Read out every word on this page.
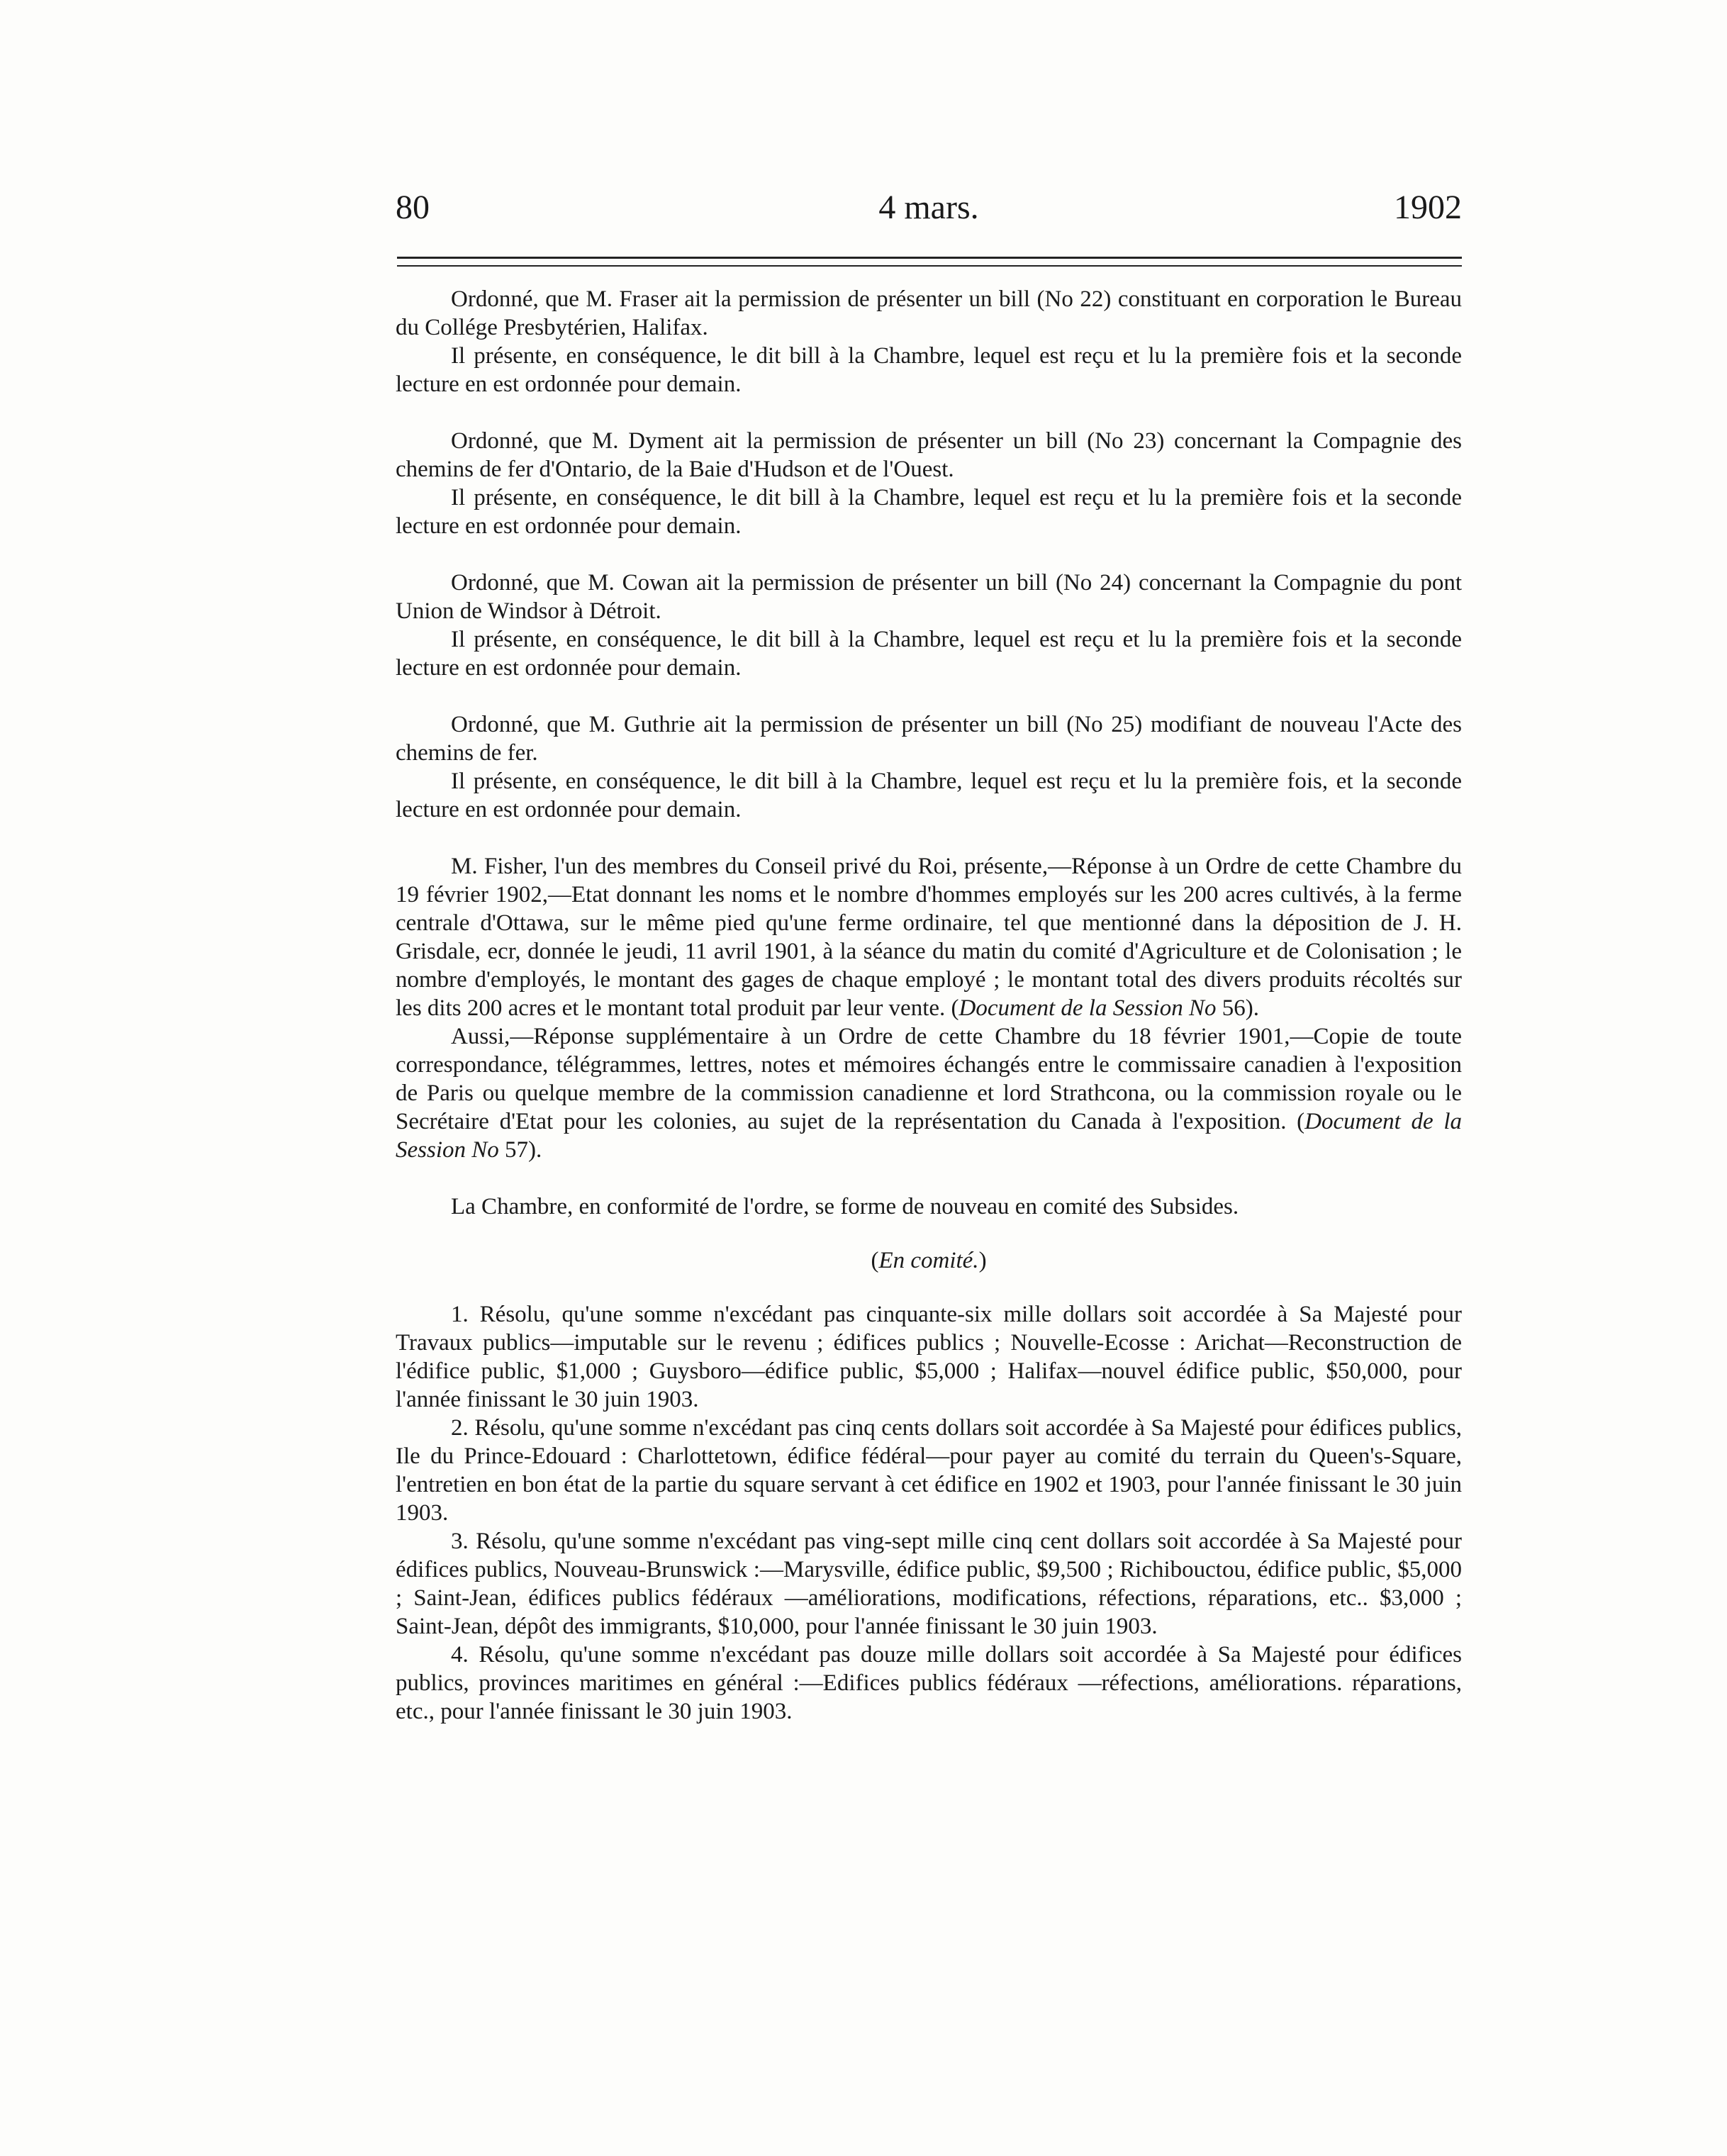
80	4 mars.	1902

Ordonné, que M. Fraser ait la permission de présenter un bill (No 22) constituant en corporation le Bureau du Collége Presbytérien, Halifax.

Il présente, en conséquence, le dit bill à la Chambre, lequel est reçu et lu la première fois et la seconde lecture en est ordonnée pour demain.

Ordonné, que M. Dyment ait la permission de présenter un bill (No 23) concernant la Compagnie des chemins de fer d'Ontario, de la Baie d'Hudson et de l'Ouest.

Il présente, en conséquence, le dit bill à la Chambre, lequel est reçu et lu la première fois et la seconde lecture en est ordonnée pour demain.

Ordonné, que M. Cowan ait la permission de présenter un bill (No 24) concernant la Compagnie du pont Union de Windsor à Détroit.

Il présente, en conséquence, le dit bill à la Chambre, lequel est reçu et lu la première fois et la seconde lecture en est ordonnée pour demain.

Ordonné, que M. Guthrie ait la permission de présenter un bill (No 25) modifiant de nouveau l'Acte des chemins de fer.

Il présente, en conséquence, le dit bill à la Chambre, lequel est reçu et lu la première fois, et la seconde lecture en est ordonnée pour demain.

M. Fisher, l'un des membres du Conseil privé du Roi, présente,—Réponse à un Ordre de cette Chambre du 19 février 1902,—Etat donnant les noms et le nombre d'hommes employés sur les 200 acres cultivés, à la ferme centrale d'Ottawa, sur le même pied qu'une ferme ordinaire, tel que mentionné dans la déposition de J. H. Grisdale, ecr, donnée le jeudi, 11 avril 1901, à la séance du matin du comité d'Agriculture et de Colonisation ; le nombre d'employés, le montant des gages de chaque employé ; le montant total des divers produits récoltés sur les dits 200 acres et le montant total produit par leur vente. (Document de la Session No 56).

Aussi,—Réponse supplémentaire à un Ordre de cette Chambre du 18 février 1901,—Copie de toute correspondance, télégrammes, lettres, notes et mémoires échangés entre le commissaire canadien à l'exposition de Paris ou quelque membre de la commission canadienne et lord Strathcona, ou la commission royale ou le Secrétaire d'Etat pour les colonies, au sujet de la représentation du Canada à l'exposition. (Document de la Session No 57).

La Chambre, en conformité de l'ordre, se forme de nouveau en comité des Subsides.

(En comité.)

1. Résolu, qu'une somme n'excédant pas cinquante-six mille dollars soit accordée à Sa Majesté pour Travaux publics—imputable sur le revenu ; édifices publics ; Nouvelle-Ecosse : Arichat—Reconstruction de l'édifice public, $1,000 ; Guysboro—édifice public, $5,000 ; Halifax—nouvel édifice public, $50,000, pour l'année finissant le 30 juin 1903.

2. Résolu, qu'une somme n'excédant pas cinq cents dollars soit accordée à Sa Majesté pour édifices publics, Ile du Prince-Edouard : Charlottetown, édifice fédéral—pour payer au comité du terrain du Queen's-Square, l'entretien en bon état de la partie du square servant à cet édifice en 1902 et 1903, pour l'année finissant le 30 juin 1903.

3. Résolu, qu'une somme n'excédant pas ving-sept mille cinq cent dollars soit accordée à Sa Majesté pour édifices publics, Nouveau-Brunswick :—Marysville, édifice public, $9,500 ; Richibouctou, édifice public, $5,000 ; Saint-Jean, édifices publics fédéraux —améliorations, modifications, réfections, réparations, etc.. $3,000 ; Saint-Jean, dépôt des immigrants, $10,000, pour l'année finissant le 30 juin 1903.

4. Résolu, qu'une somme n'excédant pas douze mille dollars soit accordée à Sa Majesté pour édifices publics, provinces maritimes en général :—Edifices publics fédéraux —réfections, améliorations. réparations, etc., pour l'année finissant le 30 juin 1903.
